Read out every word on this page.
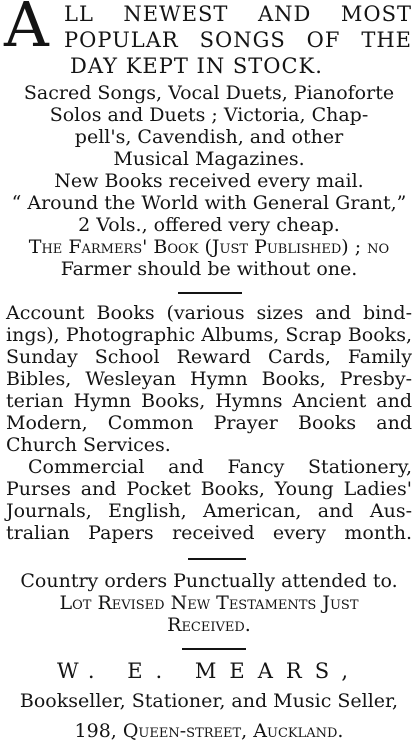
A LL NEWEST AND MOST
POPULAR SONGS OF THE
DAY KEPT IN STOCK.
Sacred Songs, Vocal Duets, Pianoforte
Solos and Duets ; Victoria, Chap-
pell's, Cavendish, and other
Musical Magazines.
New Books received every mail.
“ Around the World with General Grant,”
2 Vols., offered very cheap.
The Farmers' Book (Just Published) ; no
Farmer should be without one.
Account Books (various sizes and bind-
ings), Photographic Albums, Scrap Books,
Sunday School Reward Cards, Family
Bibles, Wesleyan Hymn Books, Presby-
terian Hymn Books, Hymns Ancient and
Modern, Common Prayer Books and
Church Services.
Commercial and Fancy Stationery,
Purses and Pocket Books, Young Ladies'
Journals, English, American, and Aus-
tralian Papers received every month.
Country orders Punctually attended to.
Lot Revised New Testaments Just
Received.
W. E. MEARS,
Bookseller, Stationer, and Music Seller,
198, Queen-street, Auckland.
